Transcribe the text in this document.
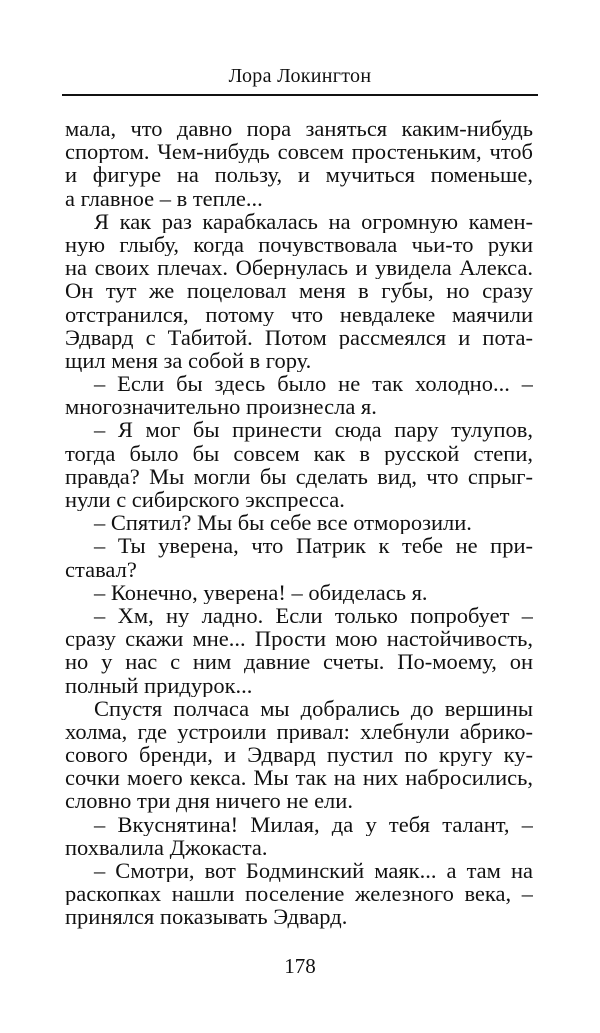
Лора Локингтон
мала, что давно пора заняться каким-нибудь
спортом. Чем-нибудь совсем простеньким, чтоб
и фигуре на пользу, и мучиться поменьше,
а главное – в тепле...
Я как раз карабкалась на огромную камен-
ную глыбу, когда почувствовала чьи-то руки
на своих плечах. Обернулась и увидела Алекса.
Он тут же поцеловал меня в губы, но сразу
отстранился, потому что невдалеке маячили
Эдвард с Табитой. Потом рассмеялся и пота-
щил меня за собой в гору.
– Если бы здесь было не так холодно... –
многозначительно произнесла я.
– Я мог бы принести сюда пару тулупов,
тогда было бы совсем как в русской степи,
правда? Мы могли бы сделать вид, что спрыг-
нули с сибирского экспресса.
– Спятил? Мы бы себе все отморозили.
– Ты уверена, что Патрик к тебе не при-
ставал?
– Конечно, уверена! – обиделась я.
– Хм, ну ладно. Если только попробует –
сразу скажи мне... Прости мою настойчивость,
но у нас с ним давние счеты. По-моему, он
полный придурок...
Спустя полчаса мы добрались до вершины
холма, где устроили привал: хлебнули абрико-
сового бренди, и Эдвард пустил по кругу ку-
сочки моего кекса. Мы так на них набросились,
словно три дня ничего не ели.
– Вкуснятина! Милая, да у тебя талант, –
похвалила Джокаста.
– Смотри, вот Бодминский маяк... а там на
раскопках нашли поселение железного века, –
принялся показывать Эдвард.
178
